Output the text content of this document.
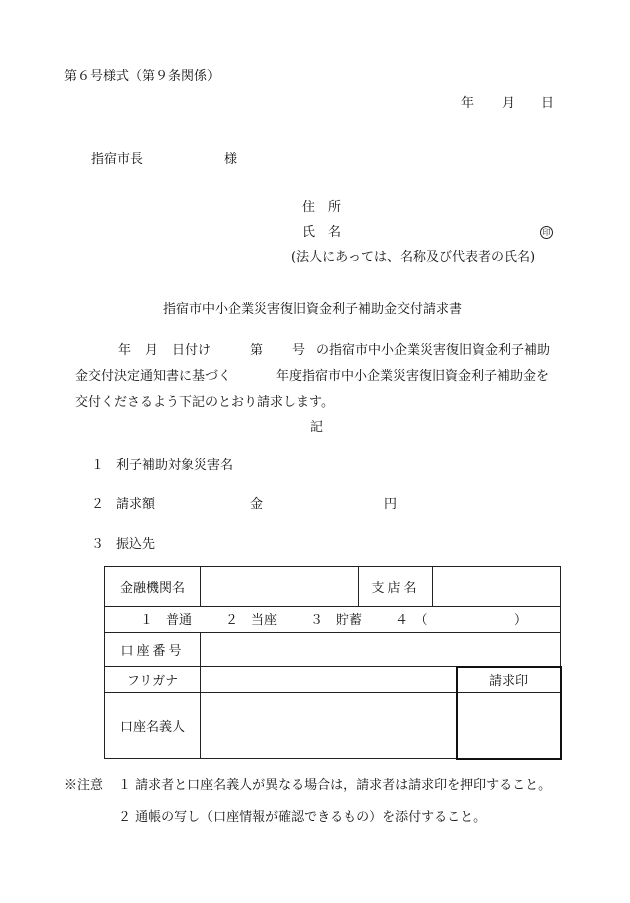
第６号様式（第９条関係）
年 月 日
指宿市長	様
住　所
氏　名	印
(法人にあっては、名称及び代表者の氏名)
指宿市中小企業災害復旧資金利子補助金交付請求書
年 月 日付け	第 号 の指宿市中小企業災害復旧資金利子補助
金交付決定通知書に基づく	年度指宿市中小企業災害復旧資金利子補助金を
交付くださるよう下記のとおり請求します。
記
１ 利子補助対象災害名
２ 請求額	金	円
３ 振込先
金融機関名		支店名		

１　普通 ２　当座 ３　貯蓄 ４　（ ）				

口座番号				
フリガナ				請求印
口座名義人				
※注意 １ 請求者と口座名義人が異なる場合は，請求者は請求印を押印すること。
２ 通帳の写し（口座情報が確認できるもの）を添付すること。
